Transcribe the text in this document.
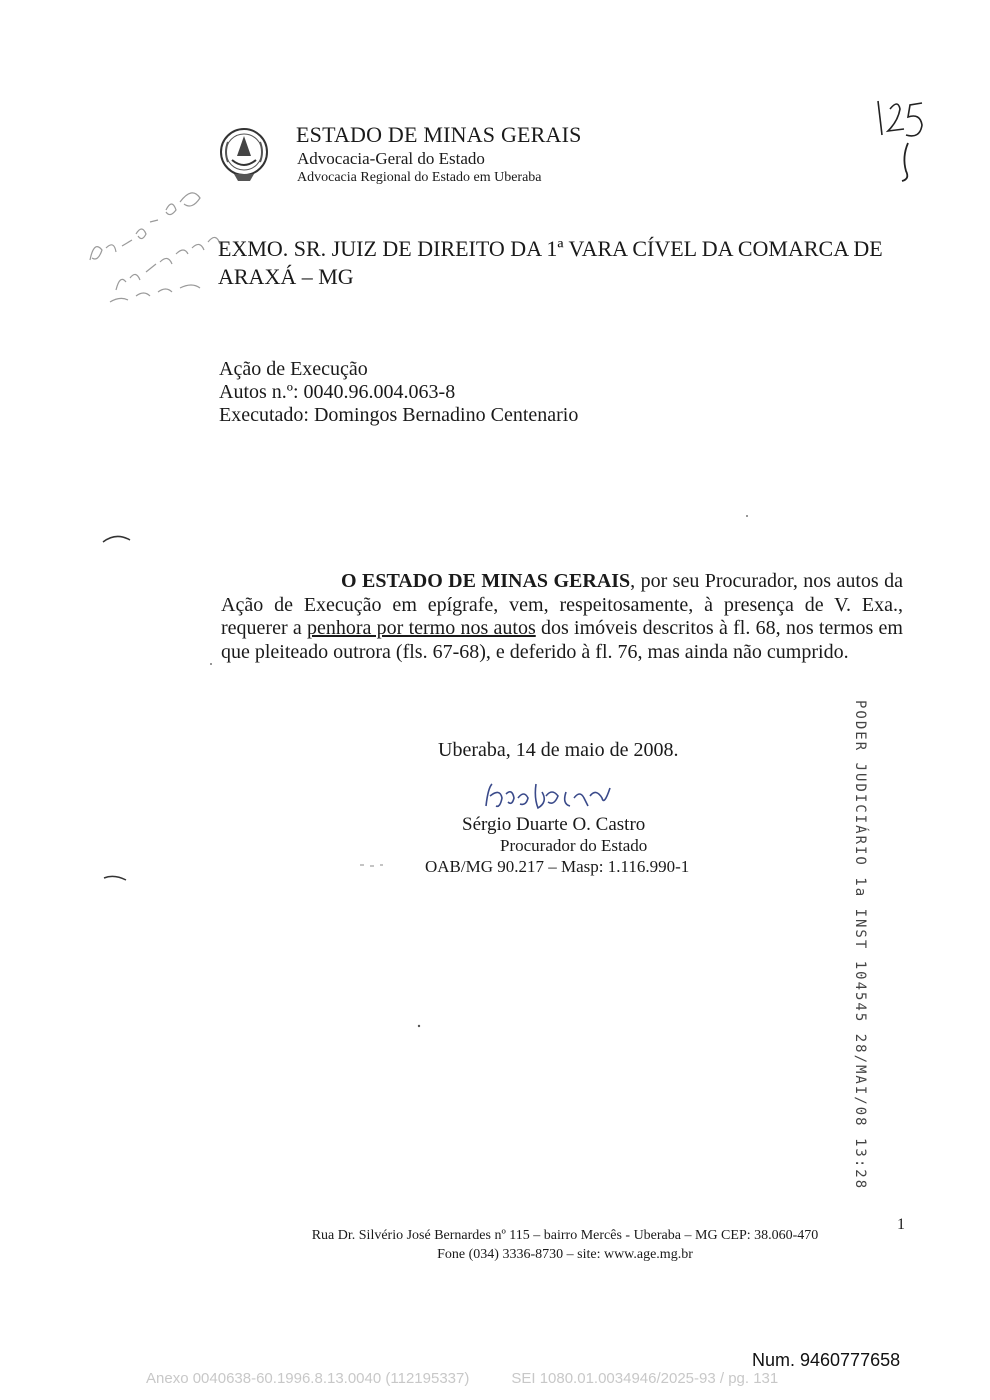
ESTADO DE MINAS GERAIS
Advocacia-Geral do Estado
Advocacia Regional do Estado em Uberaba
EXMO. SR. JUIZ DE DIREITO DA 1ª VARA CÍVEL DA COMARCA DE ARAXÁ – MG
Ação de Execução
Autos n.º: 0040.96.004.063-8
Executado: Domingos Bernadino Centenario
O ESTADO DE MINAS GERAIS, por seu Procurador, nos autos da Ação de Execução em epígrafe, vem, respeitosamente, à presença de V. Exa., requerer a penhora por termo nos autos dos imóveis descritos à fl. 68, nos termos em que pleiteado outrora (fls. 67-68), e deferido à fl. 76, mas ainda não cumprido.
Uberaba, 14 de maio de 2008.
Sérgio Duarte O. Castro
Procurador do Estado
OAB/MG 90.217 – Masp: 1.116.990-1	PODER JUDICIÁRIO 1a INST 104545 28/MAI/08 13:28
Rua Dr. Silvério José Bernardes nº 115 – bairro Mercês - Uberaba – MG CEP: 38.060-470
Fone (034) 3336-8730 – site: www.age.mg.br
1
Num. 9460777658
Anexo 0040638-60.1996.8.13.0040 (112195337)	SEI 1080.01.0034946/2025-93 / pg. 131
